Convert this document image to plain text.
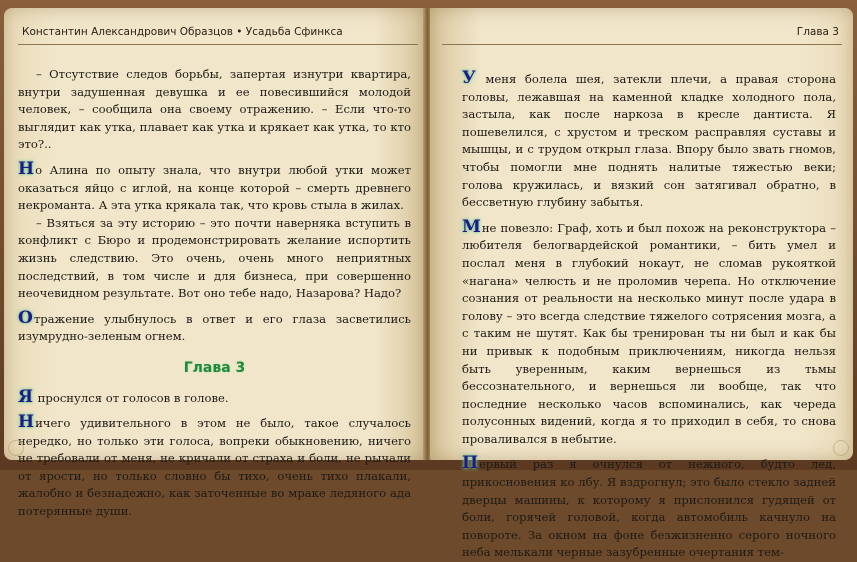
Константин Александрович Образцов • Усадьба Сфинкса

– Отсутствие следов борьбы, запертая изнутри квартира, внутри задушенная девушка и ее повесившийся молодой человек, – сообщила она своему отражению. – Если что-то выглядит как утка, плавает как утка и крякает как утка, то кто это?..

Но Алина по опыту знала, что внутри любой утки может оказаться яйцо с иглой, на конце которой – смерть древнего некроманта. А эта утка крякала так, что кровь стыла в жилах.

– Взяться за эту историю – это почти наверняка вступить в конфликт с Бюро и продемонстрировать желание испортить жизнь следствию. Это очень, очень много неприятных последствий, в том числе и для бизнеса, при совершенно неочевидном результате. Вот оно тебе надо, Назарова? Надо?

Отражение улыбнулось в ответ и его глаза засветились изумрудно-зеленым огнем.

Глава 3

Я проснулся от голосов в голове.

Ничего удивительного в этом не было, такое случалось нередко, но только эти голоса, вопреки обыкновению, ничего не требовали от меня, не кричали от страха и боли, не рычали от ярости, но только словно бы тихо, очень тихо плакали, жалобно и безнадежно, как заточенные во мраке ледяного ада потерянные души.

Глава 3

У меня болела шея, затекли плечи, а правая сторона головы, лежавшая на каменной кладке холодного пола, застыла, как после наркоза в кресле дантиста. Я пошевелился, с хрустом и треском расправляя суставы и мышцы, и с трудом открыл глаза. Впору было звать гномов, чтобы помогли мне поднять налитые тяжестью веки; голова кружилась, и вязкий сон затягивал обратно, в бессветную глубину забытья.

Мне повезло: Граф, хоть и был похож на реконструктора – любителя белогвардейской романтики, – бить умел и послал меня в глубокий нокаут, не сломав рукояткой «нагана» челюсть и не проломив черепа. Но отключение сознания от реальности на несколько минут после удара в голову – это всегда следствие тяжелого сотрясения мозга, а с таким не шутят. Как бы тренирован ты ни был и как бы ни привык к подобным приключениям, никогда нельзя быть уверенным, каким вернешься из тьмы бессознательного, и вернешься ли вообще, так что последние несколько часов вспоминались, как череда полусонных видений, когда я то приходил в себя, то снова проваливался в небытие.

Первый раз я очнулся от нежного, будто лед, прикосновения ко лбу. Я вздрогнул; это было стекло задней дверцы машины, к которому я прислонился гудящей от боли, горячей головой, когда автомобиль качнуло на повороте. За окном на фоне безжизненно серого ночного неба мелькали черные зазубренные очертания тем-
